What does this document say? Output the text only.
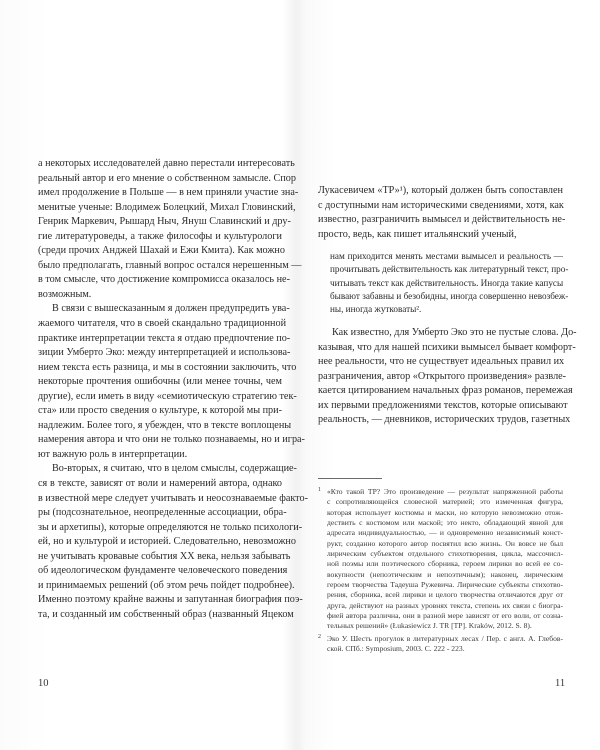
а некоторых исследователей давно перестали интересовать
реальный автор и его мнение о собственном замысле. Спор
имел продолжение в Польше — в нем приняли участие зна-
менитые ученые: Влодимеж Болецкий, Михал Гловинский,
Генрик Маркевич, Рышард Ныч, Януш Славинский и дру-
гие литературоведы, а также философы и культурологи
(среди прочих Анджей Шахай и Ежи Кмита). Как можно
было предполагать, главный вопрос остался нерешенным —
в том смысле, что достижение компромисса оказалось не-
возможным.

В связи с вышесказанным я должен предупредить ува-
жаемого читателя, что в своей скандально традиционной
практике интерпретации текста я отдаю предпочтение по-
зиции Умберто Эко: между интерпретацией и использова-
нием текста есть разница, и мы в состоянии заключить, что
некоторые прочтения ошибочны (или менее точны, чем
другие), если иметь в виду «семиотическую стратегию тек-
ста» или просто сведения о культуре, к которой мы при-
надлежим. Более того, я убежден, что в тексте воплощены
намерения автора и что они не только познаваемы, но и игра-
ют важную роль в интерпретации.

Во-вторых, я считаю, что в целом смыслы, содержащие-
ся в тексте, зависят от воли и намерений автора, однако
в известной мере следует учитывать и неосознаваемые факто-
ры (подсознательное, неопределенные ассоциации, обра-
зы и архетипы), которые определяются не только психологи-
ей, но и культурой и историей. Следовательно, невозможно
не учитывать кровавые события XX века, нельзя забывать
об идеологическом фундаменте человеческого поведения
и принимаемых решений (об этом речь пойдет подробнее).
Именно поэтому крайне важны и запутанная биография поэ-
та, и созданный им собственный образ (названный Яцеком

10

Лукасевичем «ТР»¹), который должен быть сопоставлен
с доступными нам историческими сведениями, хотя, как
известно, разграничить вымысел и действительность не-
просто, ведь, как пишет итальянский ученый,

нам приходится менять местами вымысел и реальность —
прочитывать действительность как литературный текст, про-
читывать текст как действительность. Иногда такие капусы
бывают забавны и безобидны, иногда совершенно невозбеж-
ны, иногда жутковаты².

Как известно, для Умберто Эко это не пустые слова. До-
казывая, что для нашей психики вымысел бывает комфорт-
нее реальности, что не существует идеальных правил их
разграничения, автор «Открытого произведения» развле-
кается цитированием начальных фраз романов, перемежая
их первыми предложениями текстов, которые описывают
реальность, — дневников, исторических трудов, газетных

1 «Кто такой ТР? Это произведение — результат напряженной работы
с сопротивляющейся словесной материей; это измеченная фигура,
которая использует костюмы и маски, но которую невозможно отож-
дествить с костюмом или маской; это некто, обладающий явной для
адресата индивидуальностью, — и одновременно независимый конст-
рукт, созданно которого автор посвятил всю жизнь. Он вовсе не был
лирическим субъектом отдельного стихотворения, цикла, массочисл-
ной поэмы или поэтического сборника, героем лирики во всей ее со-
вокупности (непоэтическим и непоэтичным); наконец, лирическим
героем творчества Тадеуша Ружевича. Лирические субъекты стихотво-
рения, сборника, всей лирики и целого творчества отличаются друг от
друга, действуют на разных уровнях текста, степень их связи с биогра-
фией автора различна, они в разной мере зависят от его воли, от созна-
тельных решений» (Łukasiewicz J. TR [TP]. Kraków, 2012. S. 8).
2 Эко У. Шесть прогулок в литературных лесах / Пер. с англ. А. Глебов-
ской. СПб.: Symposium, 2003. С. 222 - 223.
11
